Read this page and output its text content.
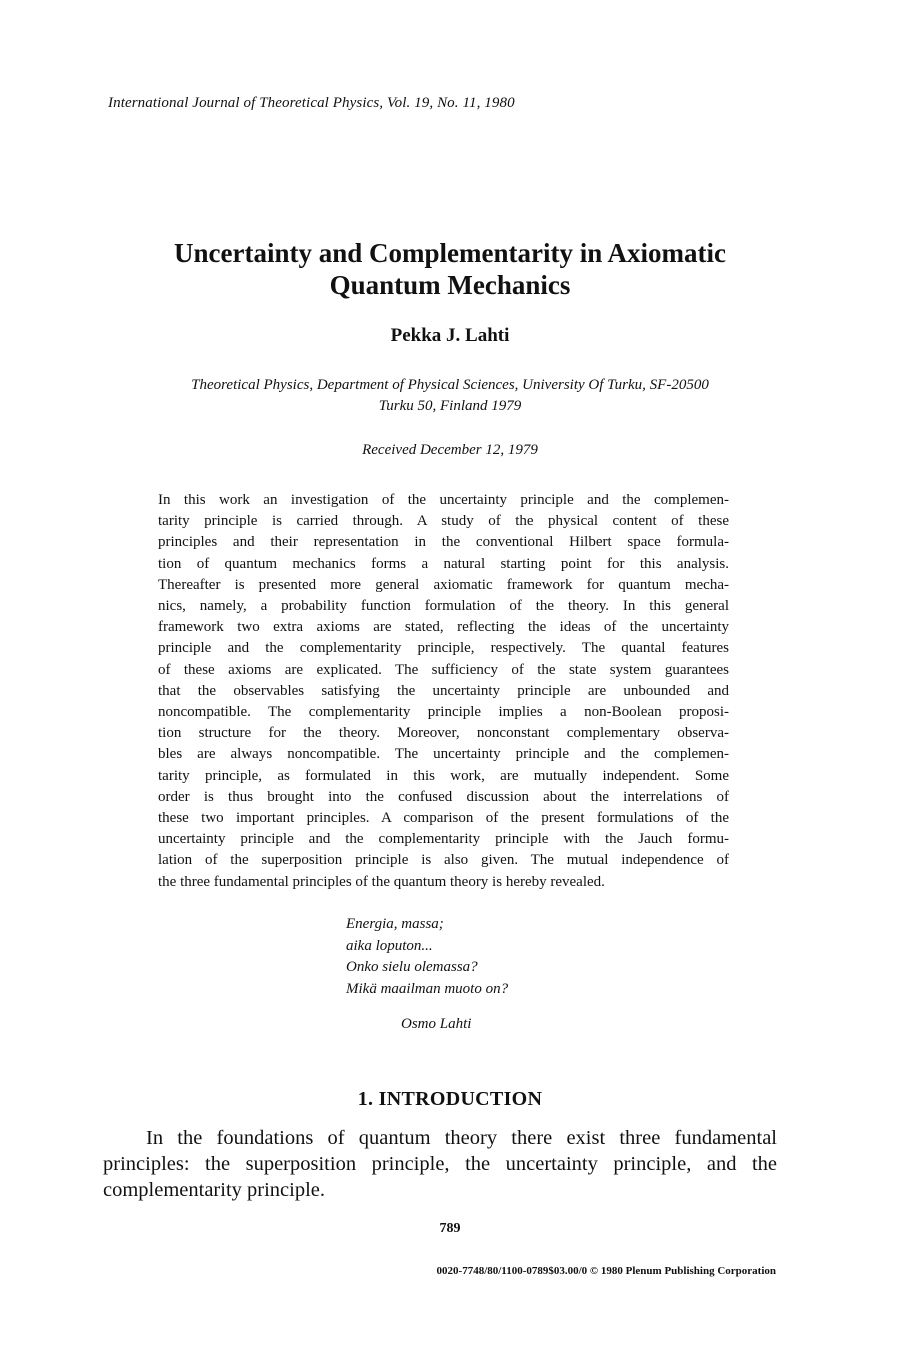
International Journal of Theoretical Physics, Vol. 19, No. 11, 1980
Uncertainty and Complementarity in Axiomatic
Quantum Mechanics
Pekka J. Lahti
Theoretical Physics, Department of Physical Sciences, University Of Turku, SF-20500
Turku 50, Finland 1979
Received December 12, 1979
In this work an investigation of the uncertainty principle and the complemen-
tarity principle is carried through. A study of the physical content of these
principles and their representation in the conventional Hilbert space formula-
tion of quantum mechanics forms a natural starting point for this analysis.
Thereafter is presented more general axiomatic framework for quantum mecha-
nics, namely, a probability function formulation of the theory. In this general
framework two extra axioms are stated, reflecting the ideas of the uncertainty
principle and the complementarity principle, respectively. The quantal features
of these axioms are explicated. The sufficiency of the state system guarantees
that the observables satisfying the uncertainty principle are unbounded and
noncompatible. The complementarity principle implies a non-Boolean proposi-
tion structure for the theory. Moreover, nonconstant complementary observa-
bles are always noncompatible. The uncertainty principle and the complemen-
tarity principle, as formulated in this work, are mutually independent. Some
order is thus brought into the confused discussion about the interrelations of
these two important principles. A comparison of the present formulations of the
uncertainty principle and the complementarity principle with the Jauch formu-
lation of the superposition principle is also given. The mutual independence of
the three fundamental principles of the quantum theory is hereby revealed.
Energia, massa;
aika loputon...
Onko sielu olemassa?
Mikä maailman muoto on?
Osmo Lahti
1. INTRODUCTION
In the foundations of quantum theory there exist three fundamental
principles: the superposition principle, the uncertainty principle, and the
complementarity principle.
789
0020-7748/80/1100-0789$03.00/0 © 1980 Plenum Publishing Corporation
